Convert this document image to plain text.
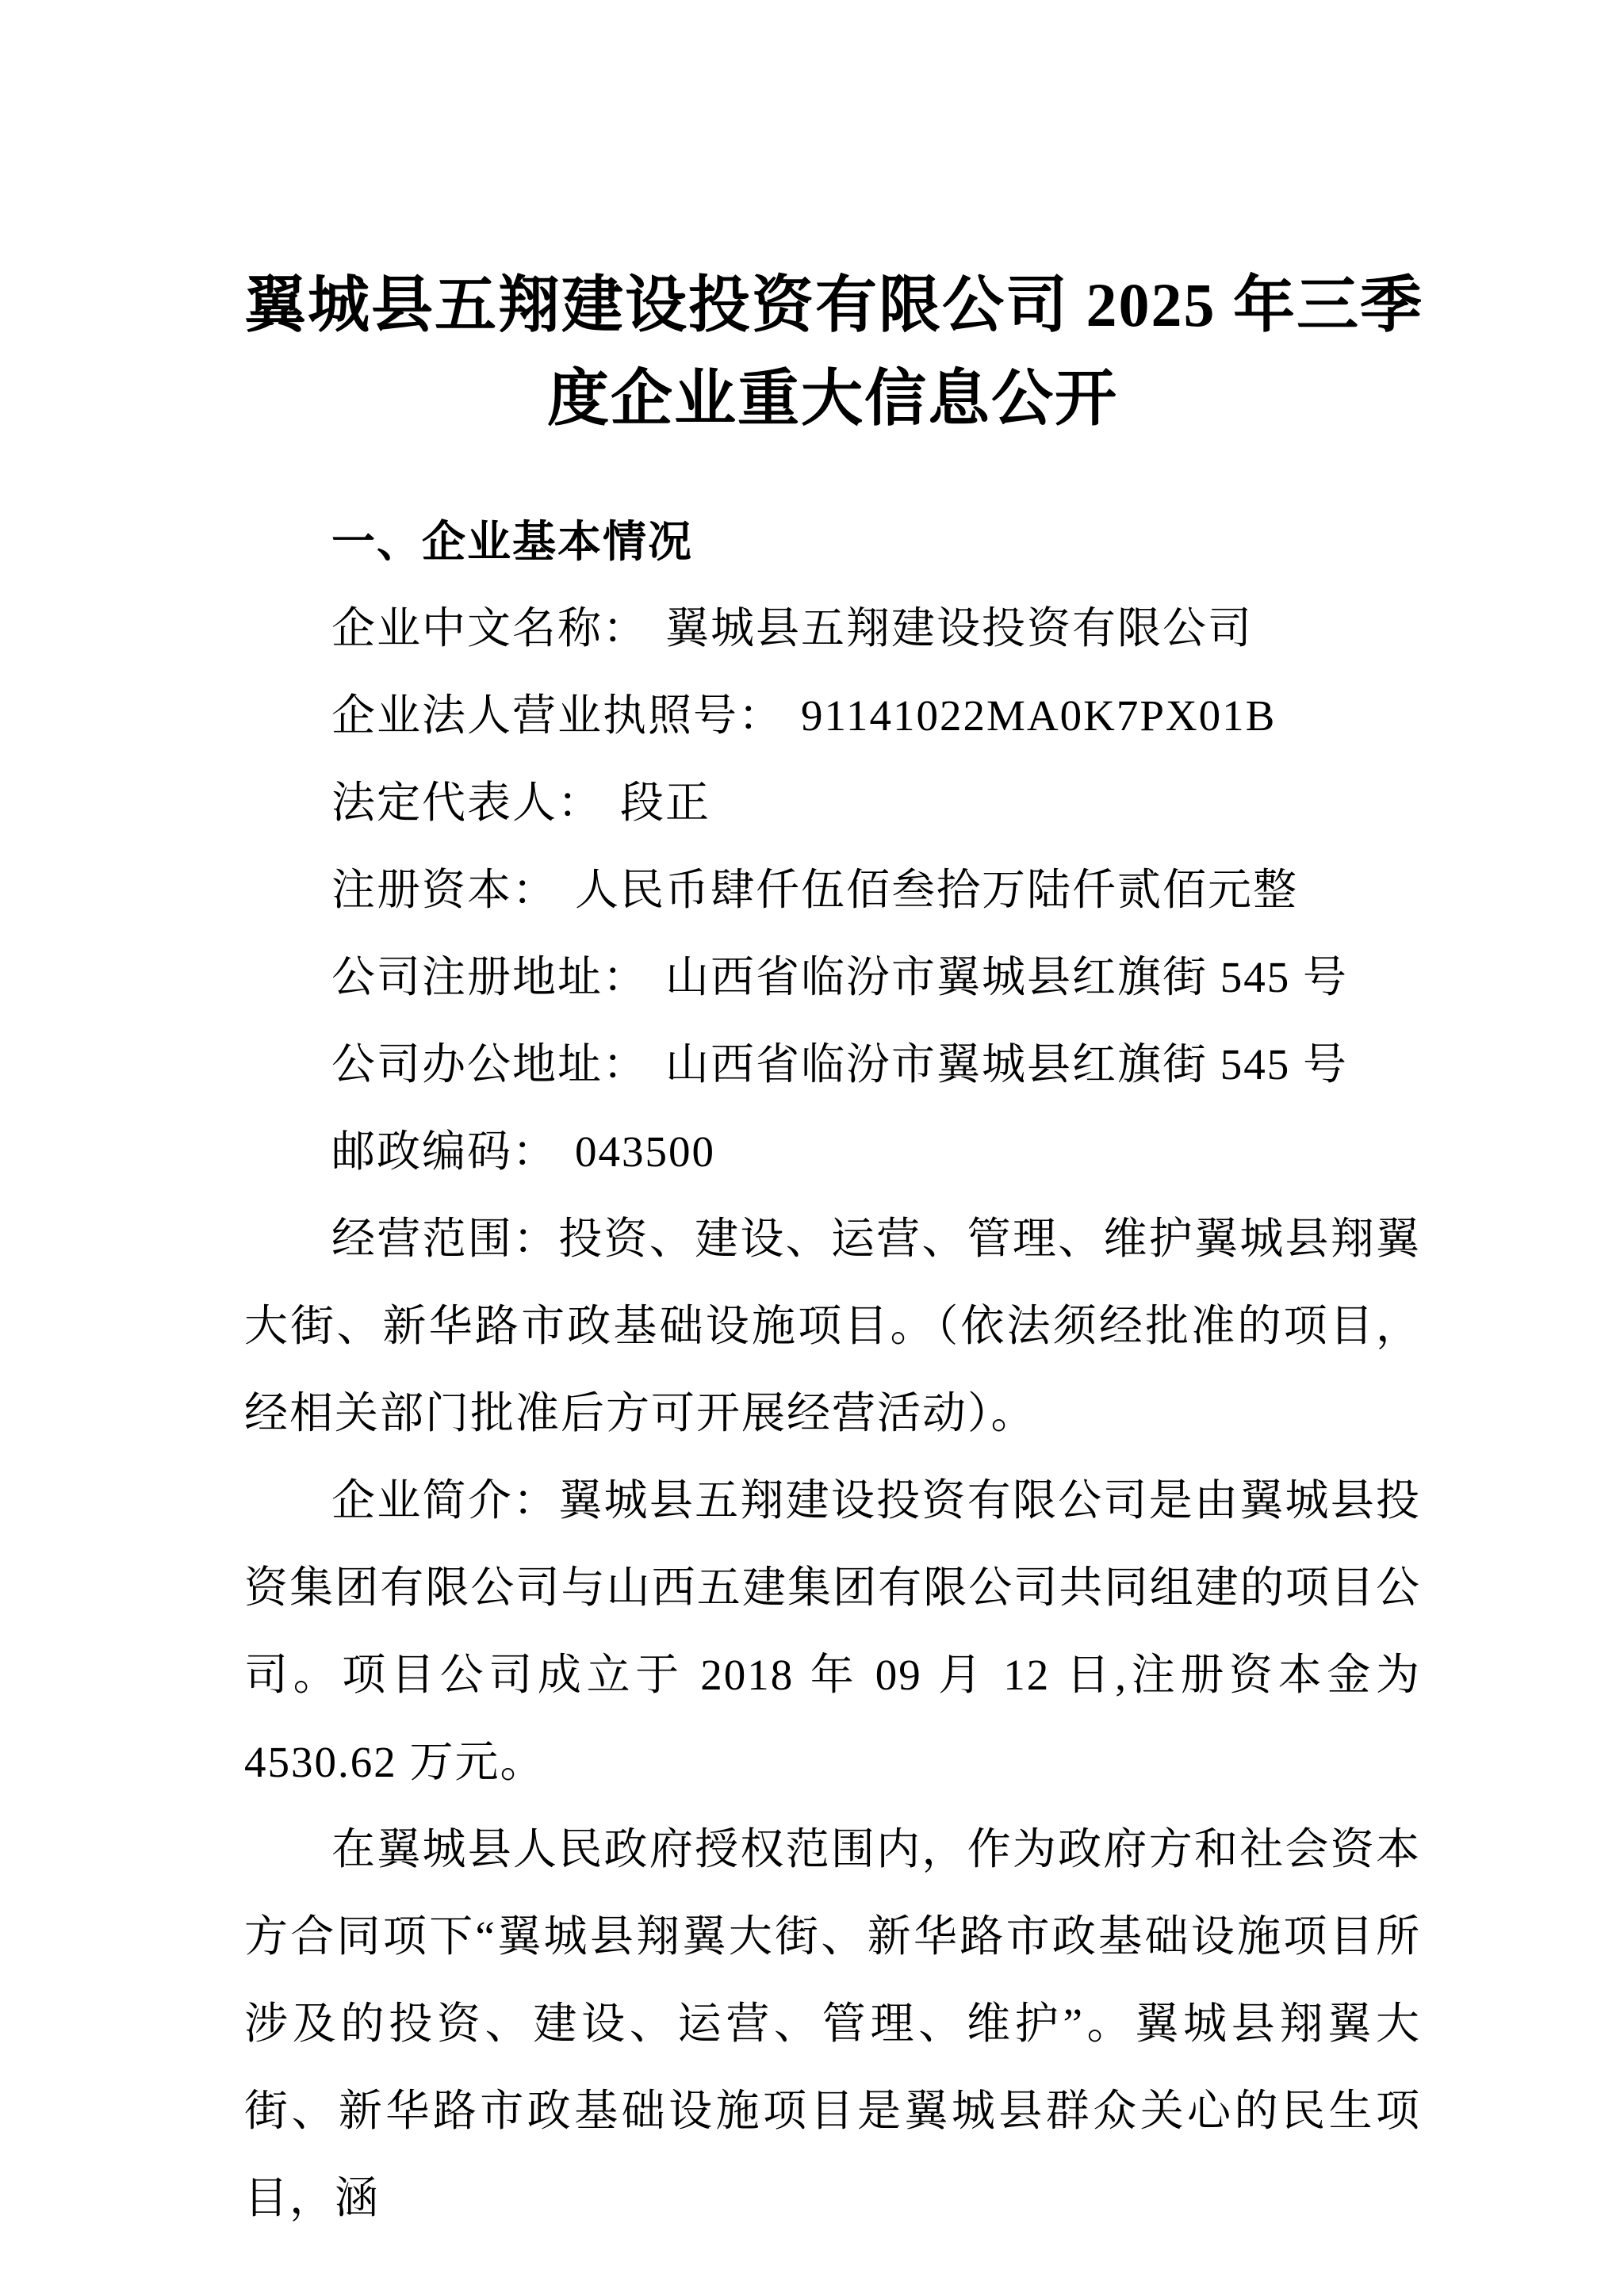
翼城县五翔建设投资有限公司 2025 年三季
度企业重大信息公开
一、企业基本情况

企业中文名称： 翼城县五翔建设投资有限公司

企业法人营业执照号： 91141022MA0K7PX01B

法定代表人： 段正

注册资本： 人民币肆仟伍佰叁拾万陆仟贰佰元整

公司注册地址： 山西省临汾市翼城县红旗街 545 号

公司办公地址： 山西省临汾市翼城县红旗街 545 号

邮政编码： 043500

经营范围：投资、建设、运营、管理、维护翼城县翔翼大街、新华路市政基础设施项目。（依法须经批准的项目，经相关部门批准后方可开展经营活动）。

企业简介：翼城县五翔建设投资有限公司是由翼城县投资集团有限公司与山西五建集团有限公司共同组建的项目公司。项目公司成立于 2018 年 09 月 12 日,注册资本金为 4530.62 万元。

在翼城县人民政府授权范围内，作为政府方和社会资本方合同项下“翼城县翔翼大街、新华路市政基础设施项目所涉及的投资、建设、运营、管理、维护”。翼城县翔翼大街、新华路市政基础设施项目是翼城县群众关心的民生项目，涵
